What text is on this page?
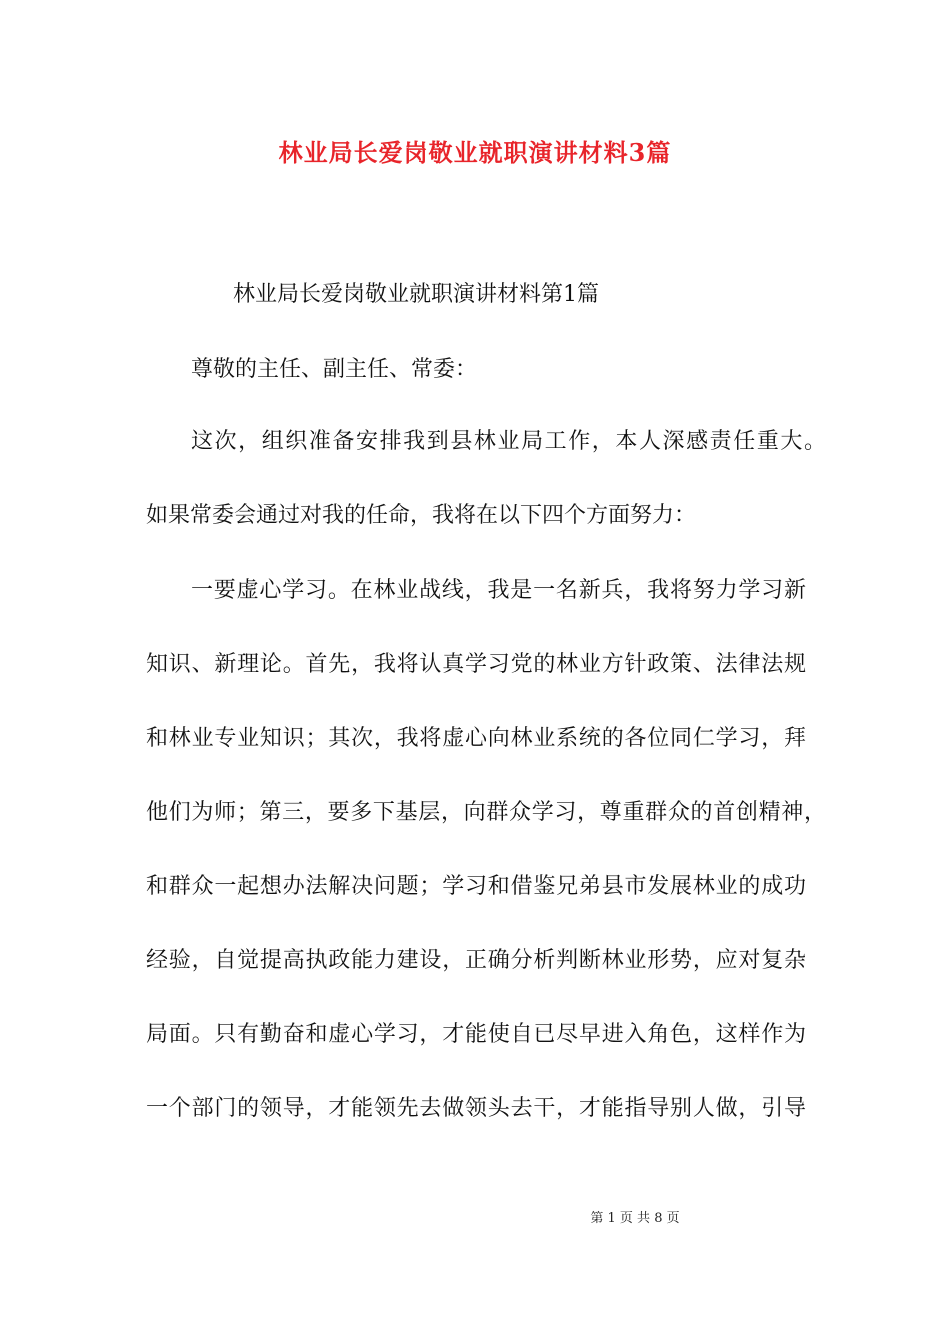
林业局长爱岗敬业就职演讲材料3篇

林业局长爱岗敬业就职演讲材料第1篇

尊敬的主任、副主任、常委：

这次，组织准备安排我到县林业局工作，本人深感责任重大。

如果常委会通过对我的任命，我将在以下四个方面努力：

一要虚心学习。在林业战线，我是一名新兵，我将努力学习新

知识、新理论。首先，我将认真学习党的林业方针政策、法律法规

和林业专业知识；其次，我将虚心向林业系统的各位同仁学习，拜

他们为师；第三，要多下基层，向群众学习，尊重群众的首创精神，

和群众一起想办法解决问题；学习和借鉴兄弟县市发展林业的成功

经验，自觉提高执政能力建设，正确分析判断林业形势，应对复杂

局面。只有勤奋和虚心学习，才能使自已尽早进入角色，这样作为

一个部门的领导，才能领先去做领头去干，才能指导别人做，引导

第 1 页 共 8 页
